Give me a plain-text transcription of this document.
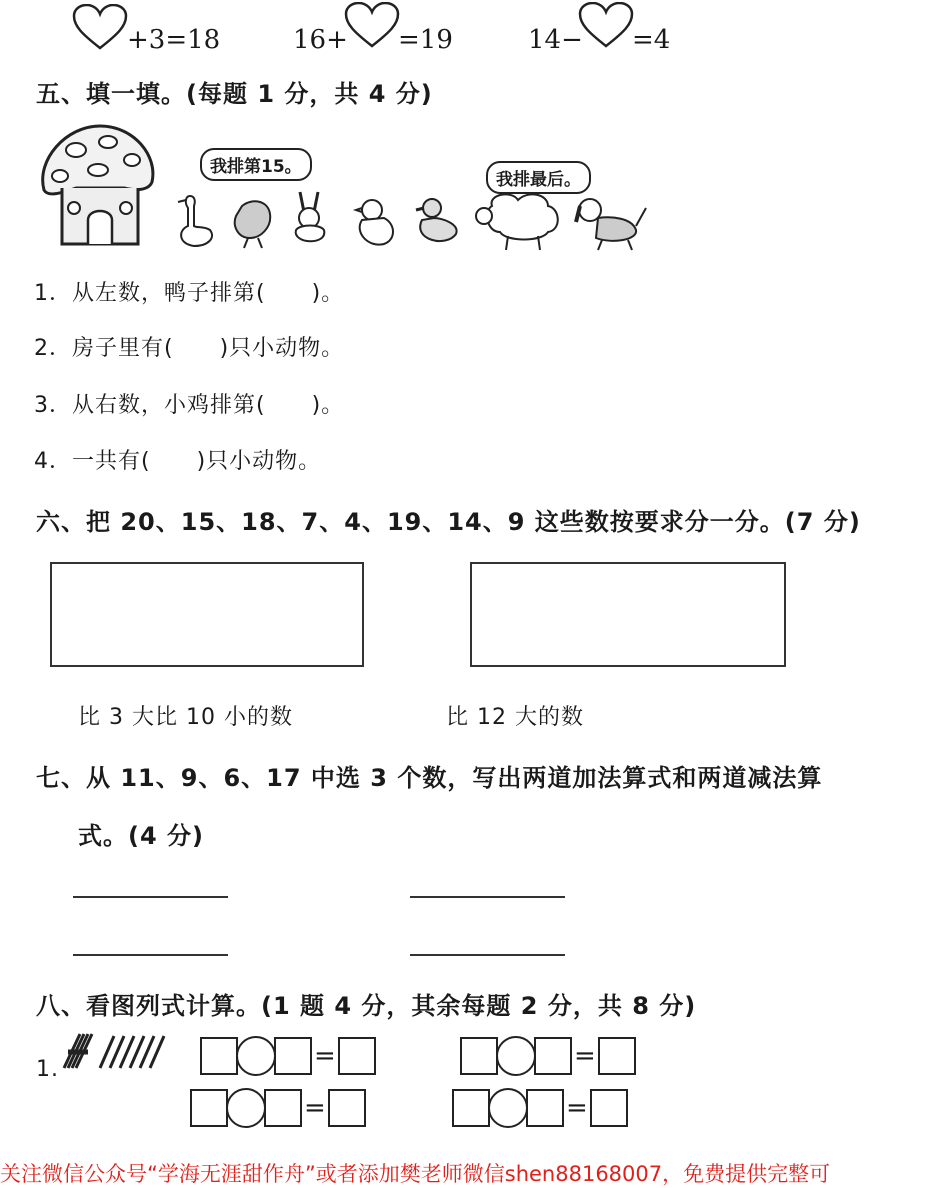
+3=18	16+ =19	14− =4
五、填一填。(每题 1 分，共 4 分)
我排第15。
我排最后。
1．从左数，鸭子排第(　　)。
2．房子里有(　　)只小动物。
3．从右数，小鸡排第(　　)。
4．一共有(　　)只小动物。
六、把 20、15、18、7、4、19、14、9 这些数按要求分一分。(7 分)
比 3 大比 10 小的数	比 12 大的数
七、从 11、9、6、17 中选 3 个数，写出两道加法算式和两道减法算
式。(4 分)
八、看图列式计算。(1 题 4 分，其余每题 2 分，共 8 分)
1.	=	=
=	=
关注微信公众号“学海无涯甜作舟”或者添加樊老师微信shen88168007，免费提供完整可
